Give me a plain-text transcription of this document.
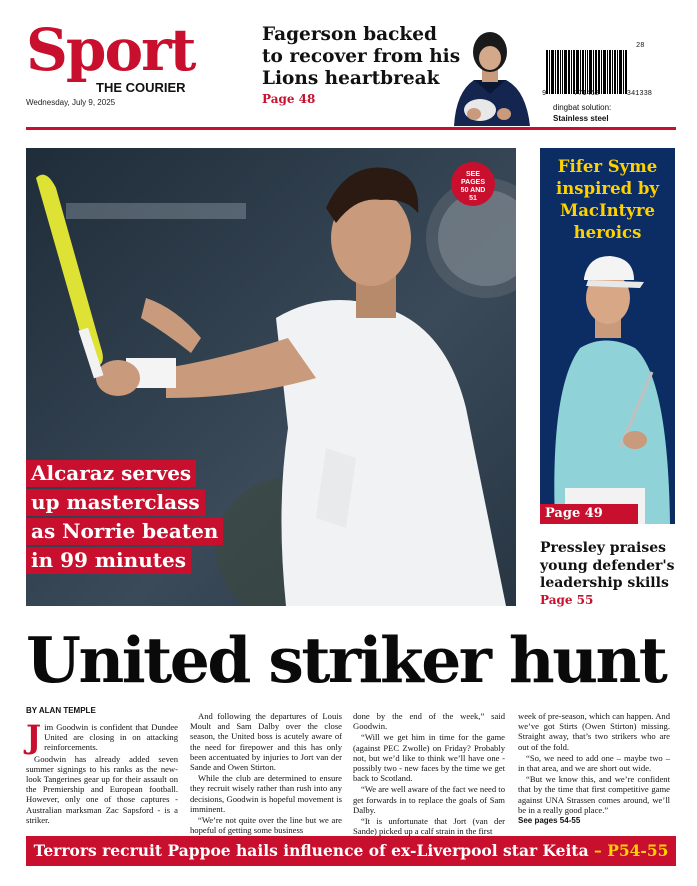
Sport
THE COURIER
Wednesday, July 9, 2025
Fagerson backed to recover from his Lions heartbreak
Page 48
28
9	771462	341338
dingbat solution:
Stainless steel
SEE
PAGES
50 AND
51
Alcaraz serves
up masterclass
as Norrie beaten
in 99 minutes
Fifer Syme inspired by MacIntyre heroics
Page 49
Pressley praises young defender's leadership skills
Page 55
United striker hunt
BY ALAN TEMPLE

Jim Goodwin is confident that Dundee United are closing in on attacking reinforcements.

Goodwin has already added seven summer signings to his ranks as the new-look Tangerines gear up for their assault on the Premiership and European football. However, only one of those captures - Australian marksman Zac Sapsford - is a striker.

And following the departures of Louis Moult and Sam Dalby over the close season, the United boss is acutely aware of the need for firepower and this has only been accentuated by injuries to Jort van der Sande and Owen Stirton.

While the club are determined to ensure they recruit wisely rather than rush into any decisions, Goodwin is hopeful movement is imminent.

“We’re not quite over the line but we are hopeful of getting some business

done by the end of the week,” said Goodwin.

“Will we get him in time for the game (against PEC Zwolle) on Friday? Probably not, but we’d like to think we’ll have one - possibly two - new faces by the time we get back to Scotland.

“We are well aware of the fact we need to get forwards in to replace the goals of Sam Dalby.

“It is unfortunate that Jort (van der Sande) picked up a calf strain in the first

week of pre-season, which can happen. And we’ve got Stirts (Owen Stirton) missing. Straight away, that’s two strikers who are out of the fold.

“So, we need to add one – maybe two – in that area, and we are short out wide.

“But we know this, and we’re confident that by the time that first competitive game against UNA Strassen comes around, we’ll be in a really good place.”

See pages 54-55
Terrors recruit Pappoe hails influence of ex-Liverpool star Keita – P54-55
